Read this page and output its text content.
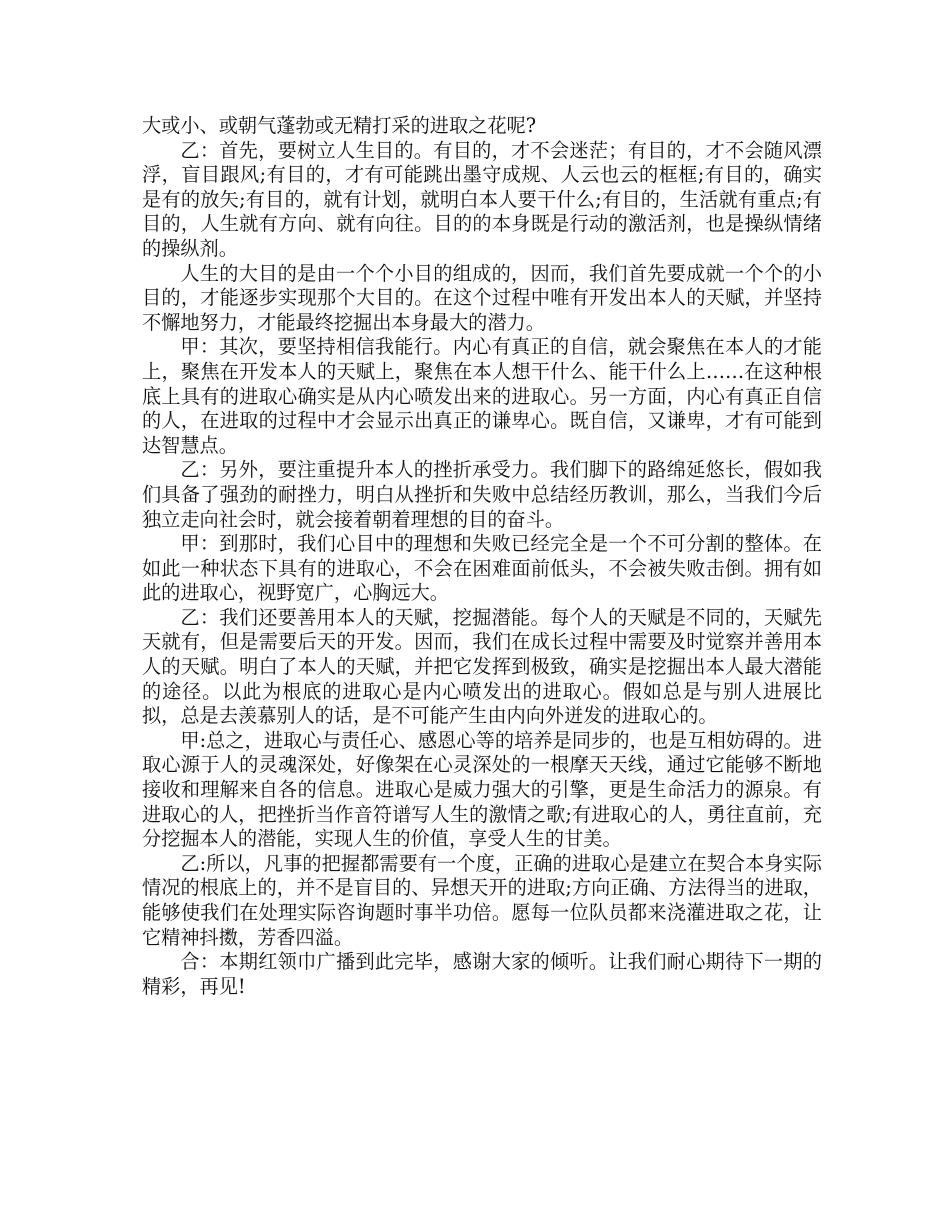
大或小、或朝气蓬勃或无精打采的进取之花呢?

乙：首先，要树立人生目的。有目的，才不会迷茫；有目的，才不会随风漂浮，盲目跟风;有目的，才有可能跳出墨守成规、人云也云的框框;有目的，确实是有的放矢;有目的，就有计划，就明白本人要干什么;有目的，生活就有重点;有目的，人生就有方向、就有向往。目的的本身既是行动的激活剂，也是操纵情绪的操纵剂。

人生的大目的是由一个个小目的组成的，因而，我们首先要成就一个个的小目的，才能逐步实现那个大目的。在这个过程中唯有开发出本人的天赋，并坚持不懈地努力，才能最终挖掘出本身最大的潜力。

甲：其次，要坚持相信我能行。内心有真正的自信，就会聚焦在本人的才能上，聚焦在开发本人的天赋上，聚焦在本人想干什么、能干什么上……在这种根底上具有的进取心确实是从内心喷发出来的进取心。另一方面，内心有真正自信的人，在进取的过程中才会显示出真正的谦卑心。既自信，又谦卑，才有可能到达智慧点。

乙：另外，要注重提升本人的挫折承受力。我们脚下的路绵延悠长，假如我们具备了强劲的耐挫力，明白从挫折和失败中总结经历教训，那么，当我们今后独立走向社会时，就会接着朝着理想的目的奋斗。

甲：到那时，我们心目中的理想和失败已经完全是一个不可分割的整体。在如此一种状态下具有的进取心，不会在困难面前低头，不会被失败击倒。拥有如此的进取心，视野宽广，心胸远大。

乙：我们还要善用本人的天赋，挖掘潜能。每个人的天赋是不同的，天赋先天就有，但是需要后天的开发。因而，我们在成长过程中需要及时觉察并善用本人的天赋。明白了本人的天赋，并把它发挥到极致，确实是挖掘出本人最大潜能的途径。以此为根底的进取心是内心喷发出的进取心。假如总是与别人进展比拟，总是去羡慕别人的话，是不可能产生由内向外迸发的进取心的。

甲:总之，进取心与责任心、感恩心等的培养是同步的，也是互相妨碍的。进取心源于人的灵魂深处，好像架在心灵深处的一根摩天天线，通过它能够不断地接收和理解来自各的信息。进取心是威力强大的引擎，更是生命活力的源泉。有进取心的人，把挫折当作音符谱写人生的激情之歌;有进取心的人，勇往直前，充分挖掘本人的潜能，实现人生的价值，享受人生的甘美。

乙:所以，凡事的把握都需要有一个度，正确的进取心是建立在契合本身实际情况的根底上的，并不是盲目的、异想天开的进取;方向正确、方法得当的进取，能够使我们在处理实际咨询题时事半功倍。愿每一位队员都来浇灌进取之花，让它精神抖擞，芳香四溢。

合：本期红领巾广播到此完毕，感谢大家的倾听。让我们耐心期待下一期的精彩，再见!
